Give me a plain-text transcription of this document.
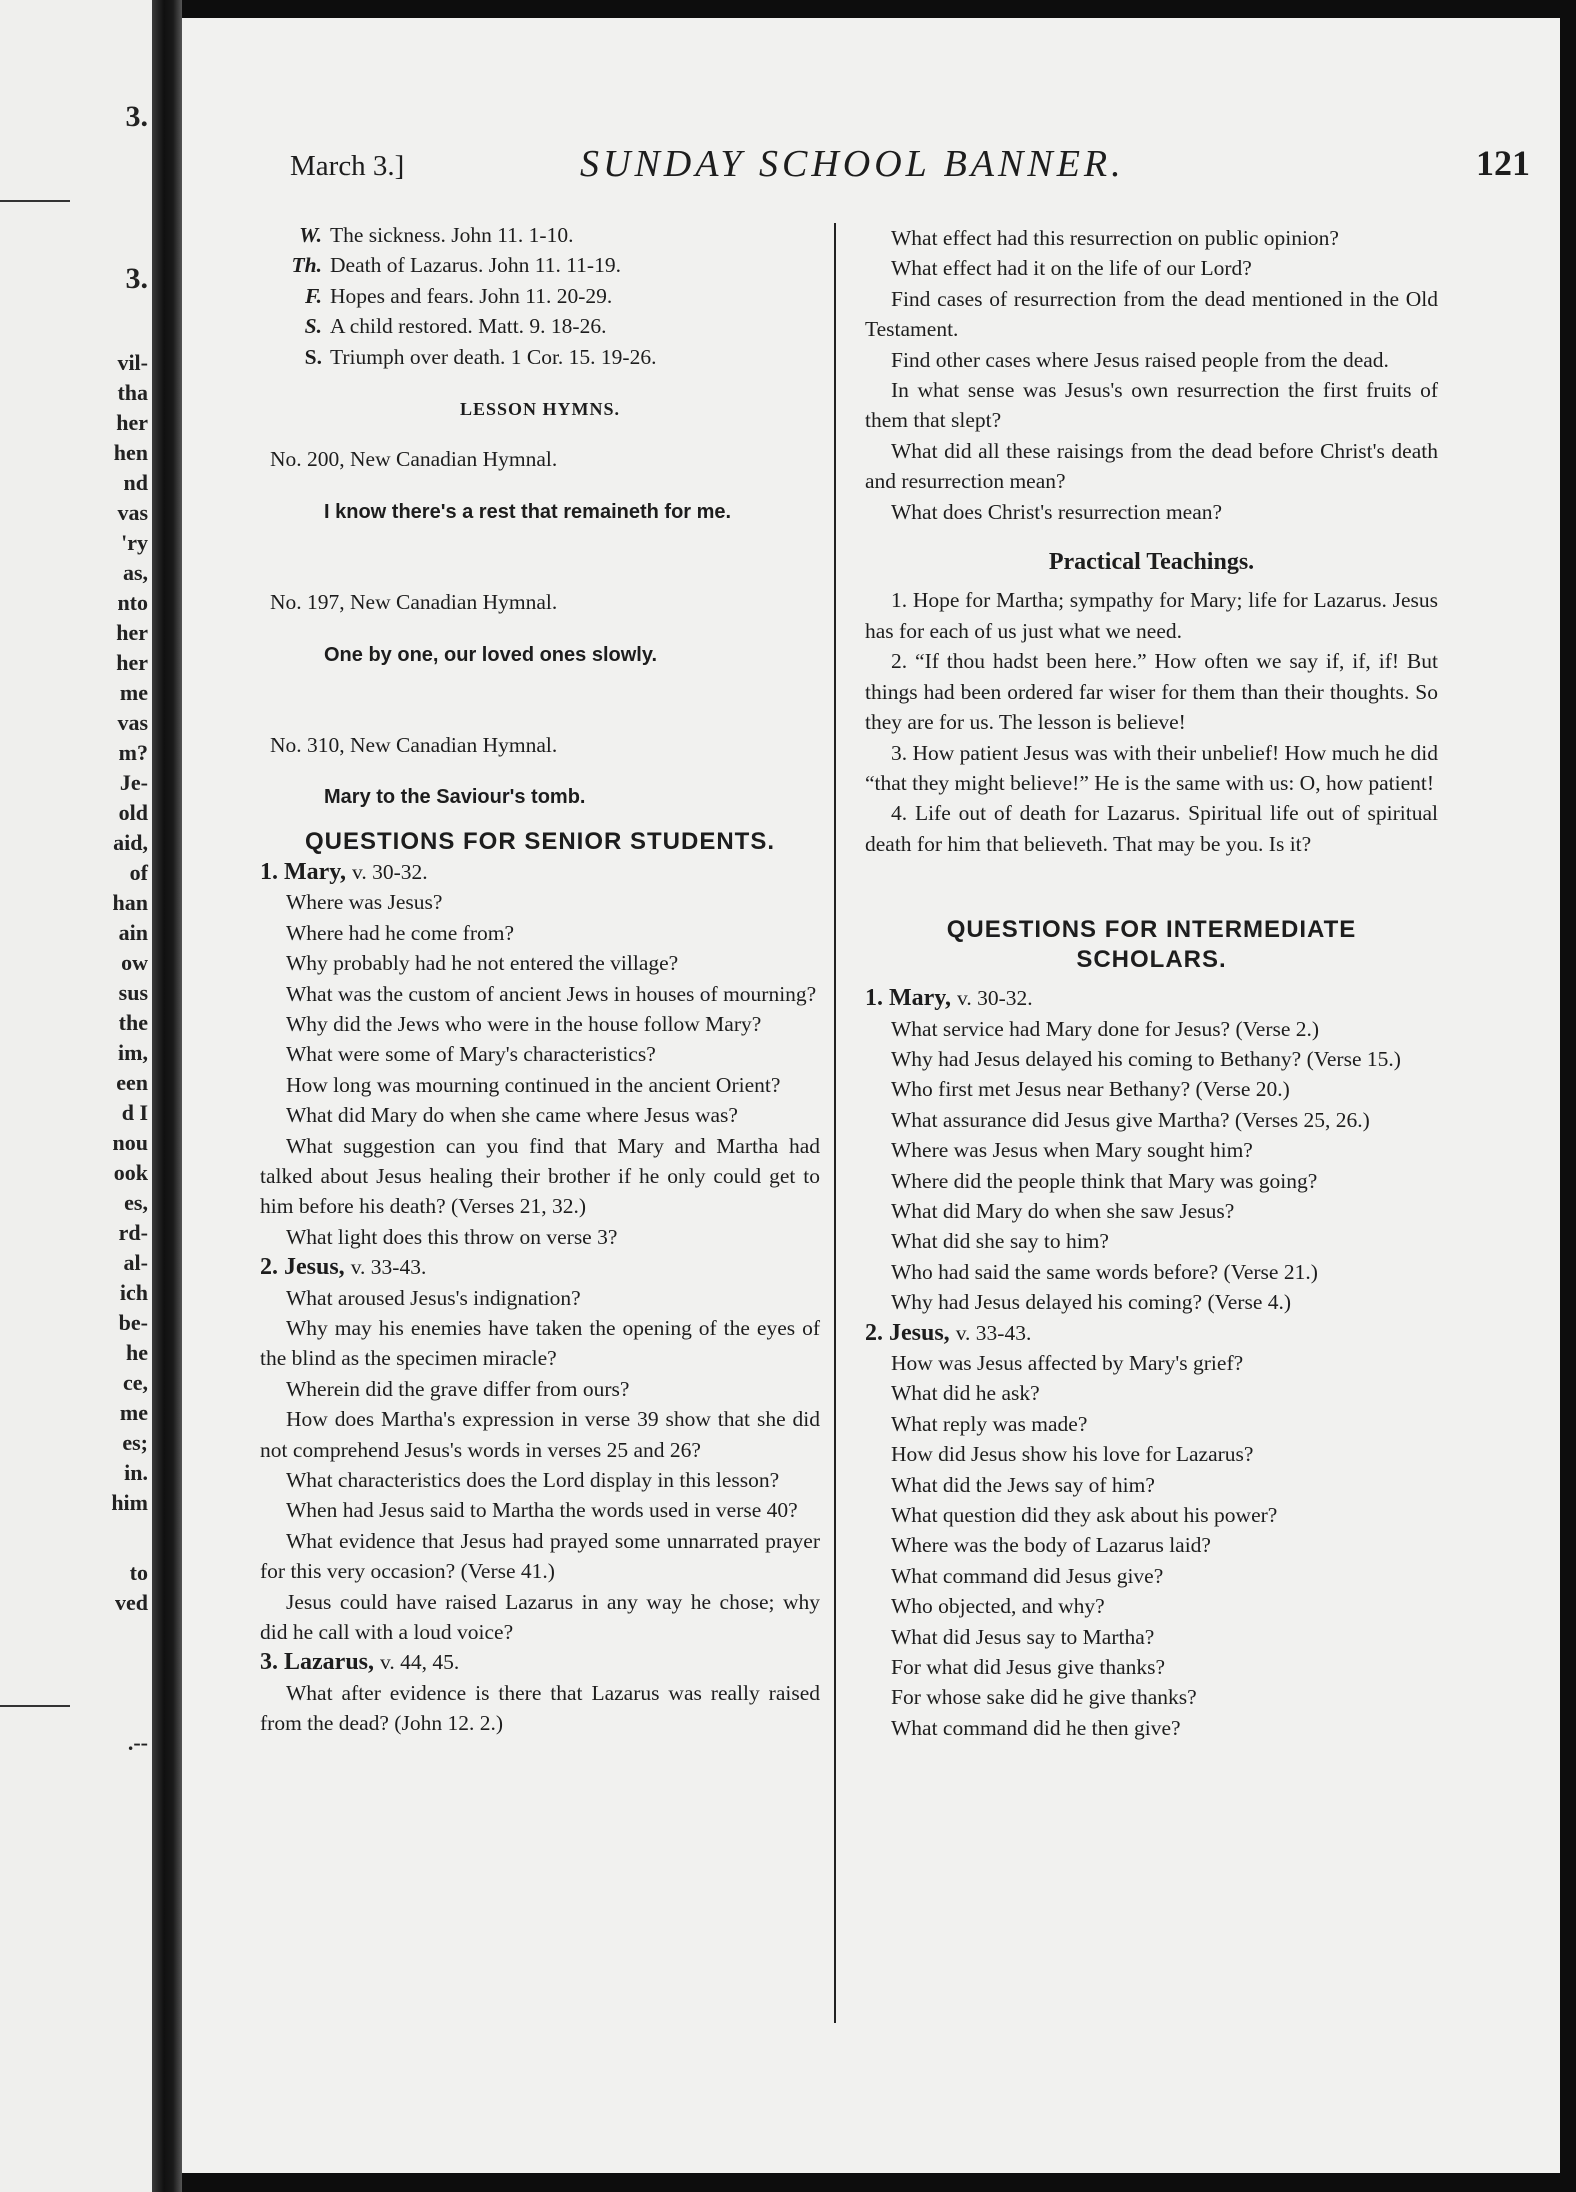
3.
3.
vil-
tha
her
hen
nd
vas
'ry
as,
nto
her
her
me
vas
m?
Je-
old
aid,
of
han
ain
ow
sus
the
im,
een
d I
nou
ook
es,
rd-
al-
ich
be-
he
ce,
me
es;
in.
him
to
ved
.--
March 3.]	SUNDAY SCHOOL BANNER.	121
W. The sickness. John 11. 1-10.
Th. Death of Lazarus. John 11. 11-19.
F. Hopes and fears. John 11. 20-29.
S. A child restored. Matt. 9. 18-26.
S. Triumph over death. 1 Cor. 15. 19-26.
LESSON HYMNS.

No. 200, New Canadian Hymnal.

I know there's a rest that remaineth for me.

No. 197, New Canadian Hymnal.

One by one, our loved ones slowly.

No. 310, New Canadian Hymnal.

Mary to the Saviour's tomb.

QUESTIONS FOR SENIOR STUDENTS.
1. Mary, v. 30-32.

Where was Jesus?

Where had he come from?

Why probably had he not entered the village?

What was the custom of ancient Jews in houses of mourning?

Why did the Jews who were in the house follow Mary?

What were some of Mary's characteristics?

How long was mourning continued in the ancient Orient?

What did Mary do when she came where Jesus was?

What suggestion can you find that Mary and Martha had talked about Jesus healing their brother if he only could get to him before his death? (Verses 21, 32.)

What light does this throw on verse 3?

2. Jesus, v. 33-43.

What aroused Jesus's indignation?

Why may his enemies have taken the opening of the eyes of the blind as the specimen miracle?

Wherein did the grave differ from ours?

How does Martha's expression in verse 39 show that she did not comprehend Jesus's words in verses 25 and 26?

What characteristics does the Lord display in this lesson?

When had Jesus said to Martha the words used in verse 40?

What evidence that Jesus had prayed some unnarrated prayer for this very occasion? (Verse 41.)

Jesus could have raised Lazarus in any way he chose; why did he call with a loud voice?

3. Lazarus, v. 44, 45.

What after evidence is there that Lazarus was really raised from the dead? (John 12. 2.)

What effect had this resurrection on public opinion?

What effect had it on the life of our Lord?

Find cases of resurrection from the dead mentioned in the Old Testament.

Find other cases where Jesus raised people from the dead.

In what sense was Jesus's own resurrection the first fruits of them that slept?

What did all these raisings from the dead before Christ's death and resurrection mean?

What does Christ's resurrection mean?

Practical Teachings.

1. Hope for Martha; sympathy for Mary; life for Lazarus. Jesus has for each of us just what we need.

2. “If thou hadst been here.” How often we say if, if, if! But things had been ordered far wiser for them than their thoughts. So they are for us. The lesson is believe!

3. How patient Jesus was with their unbelief! How much he did “that they might believe!” He is the same with us: O, how patient!

4. Life out of death for Lazarus. Spiritual life out of spiritual death for him that believeth. That may be you. Is it?

QUESTIONS FOR INTERMEDIATE
SCHOLARS.
1. Mary, v. 30-32.

What service had Mary done for Jesus? (Verse 2.)

Why had Jesus delayed his coming to Bethany? (Verse 15.)

Who first met Jesus near Bethany? (Verse 20.)

What assurance did Jesus give Martha? (Verses 25, 26.)

Where was Jesus when Mary sought him?

Where did the people think that Mary was going?

What did Mary do when she saw Jesus?

What did she say to him?

Who had said the same words before? (Verse 21.)

Why had Jesus delayed his coming? (Verse 4.)

2. Jesus, v. 33-43.

How was Jesus affected by Mary's grief?

What did he ask?

What reply was made?

How did Jesus show his love for Lazarus?

What did the Jews say of him?

What question did they ask about his power?

Where was the body of Lazarus laid?

What command did Jesus give?

Who objected, and why?

What did Jesus say to Martha?

For what did Jesus give thanks?

For whose sake did he give thanks?

What command did he then give?
